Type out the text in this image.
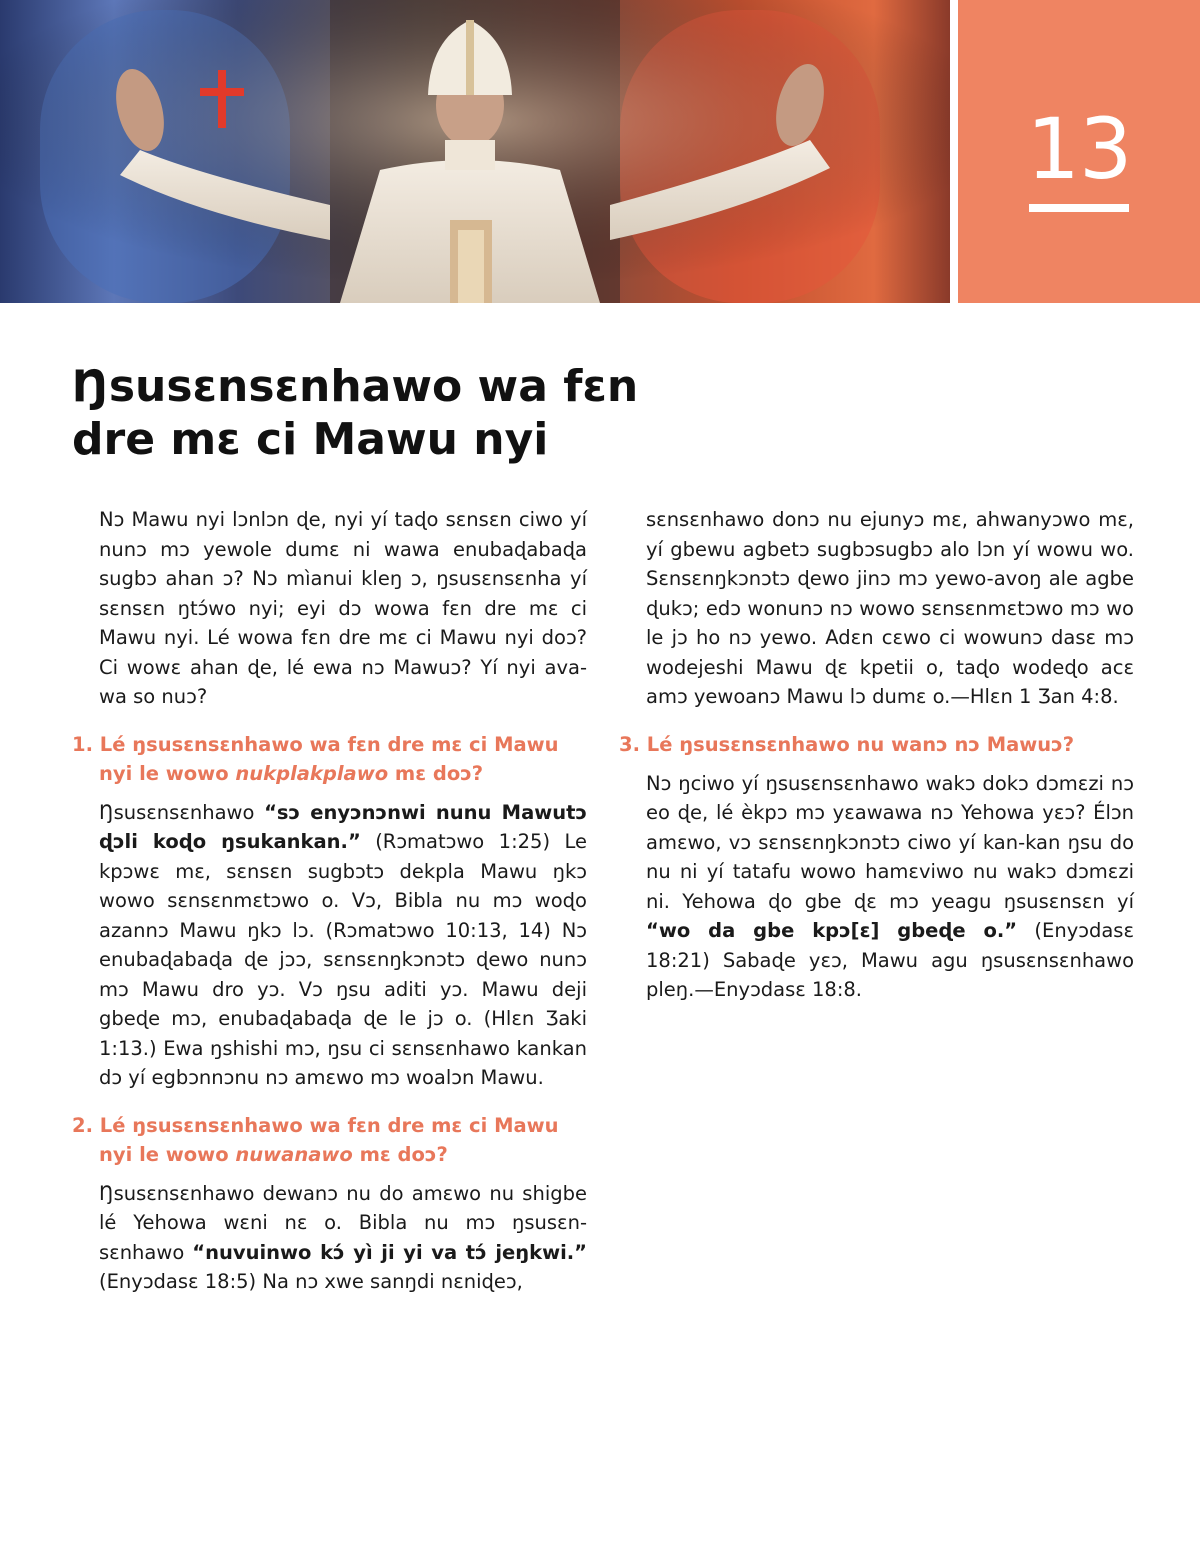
13
Ŋsusɛnsɛnhawo wa fɛn dre mɛ ci Mawu nyi

Nɔ Mawu nyi lɔnlɔn ɖe, nyi yí taɖo sɛnsɛn ciwo yí nunɔ mɔ yewole dumɛ ni wawa enubaɖabaɖa sugbɔ ahan ɔ? Nɔ mìanui kleŋ ɔ, ŋsusɛnsɛnha yí sɛnsɛn ŋtɔ́wo nyi; eyi dɔ wowa fɛn dre mɛ ci Mawu nyi. Lé wowa fɛn dre mɛ ci Mawu nyi doɔ? Ci wowɛ ahan ɖe, lé ewa nɔ Mawuɔ? Yí nyi ava-wa so nuɔ?

1. Lé ŋsusɛnsɛnhawo wa fɛn dre mɛ ci Mawu nyi le wowo nukplakplawo mɛ doɔ?

Ŋsusɛnsɛnhawo “sɔ enyɔnɔnwi nunu Mawutɔ ɖɔli koɖo ŋsukankan.” (Rɔmatɔwo 1:25) Le kpɔwɛ mɛ, sɛnsɛn sugbɔtɔ dekpla Mawu ŋkɔ wowo sɛnsɛnmɛtɔwo o. Vɔ, Bibla nu mɔ woɖo azannɔ Mawu ŋkɔ lɔ. (Rɔmatɔwo 10:13, 14) Nɔ enubaɖabaɖa ɖe jɔɔ, sɛnsɛnŋkɔnɔtɔ ɖewo nunɔ mɔ Mawu dro yɔ. Vɔ ŋsu aditi yɔ. Mawu deji gbeɖe mɔ, enubaɖabaɖa ɖe le jɔ o. (Hlɛn Ʒaki 1:13.) Ewa ŋshishi mɔ, ŋsu ci sɛnsɛnhawo kankan dɔ yí egbɔnnɔnu nɔ amɛwo mɔ woalɔn Mawu.

2. Lé ŋsusɛnsɛnhawo wa fɛn dre mɛ ci Mawu nyi le wowo nuwanawo mɛ doɔ?

Ŋsusɛnsɛnhawo dewanɔ nu do amɛwo nu shigbe lé Yehowa wɛni nɛ o. Bibla nu mɔ ŋsusɛn-sɛnhawo “nuvuinwo kɔ́ yì ji yi va tɔ́ jeŋkwi.” (Enyɔdasɛ 18:5) Na nɔ xwe sanŋdi nɛniɖeɔ,

sɛnsɛnhawo donɔ nu ejunyɔ mɛ, ahwanyɔwo mɛ, yí gbewu agbetɔ sugbɔsugbɔ alo lɔn yí wowu wo. Sɛnsɛnŋkɔnɔtɔ ɖewo jinɔ mɔ yewo-avoŋ ale agbe ɖukɔ; edɔ wonunɔ nɔ wowo sɛnsɛnmɛtɔwo mɔ wo le jɔ ho nɔ yewo. Adɛn cɛwo ci wowunɔ dasɛ mɔ wodejeshi Mawu ɖɛ kpetii o, taɖo wodeɖo acɛ amɔ yewoanɔ Mawu lɔ dumɛ o.—Hlɛn 1 Ʒan 4:8.

3. Lé ŋsusɛnsɛnhawo nu wanɔ nɔ Mawuɔ?

Nɔ ŋciwo yí ŋsusɛnsɛnhawo wakɔ dokɔ dɔmɛzi nɔ eo ɖe, lé èkpɔ mɔ yɛawawa nɔ Yehowa yɛɔ? Élɔn amɛwo, vɔ sɛnsɛnŋkɔnɔtɔ ciwo yí kan-kan ŋsu do nu ni yí tatafu wowo hamɛviwo nu wakɔ dɔmɛzi ni. Yehowa ɖo gbe ɖɛ mɔ yeagu ŋsusɛnsɛn yí “wo da gbe kpɔ[ɛ] gbeɖe o.” (Enyɔdasɛ 18:21) Sabaɖe yɛɔ, Mawu agu ŋsusɛnsɛnhawo pleŋ.—Enyɔdasɛ 18:8.
